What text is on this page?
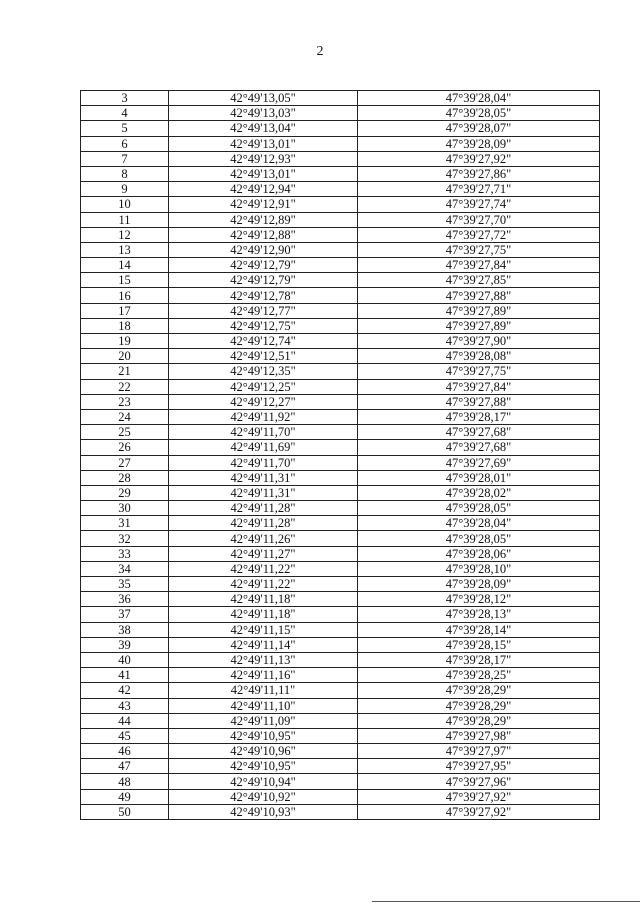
2
3	42°49'13,05"	47°39'28,04"
4	42°49'13,03"	47°39'28,05"
5	42°49'13,04"	47°39'28,07"
6	42°49'13,01"	47°39'28,09"
7	42°49'12,93"	47°39'27,92"
8	42°49'13,01"	47°39'27,86"
9	42°49'12,94"	47°39'27,71"
10	42°49'12,91"	47°39'27,74"
11	42°49'12,89"	47°39'27,70"
12	42°49'12,88"	47°39'27,72"
13	42°49'12,90"	47°39'27,75"
14	42°49'12,79"	47°39'27,84"
15	42°49'12,79"	47°39'27,85"
16	42°49'12,78"	47°39'27,88"
17	42°49'12,77"	47°39'27,89"
18	42°49'12,75"	47°39'27,89"
19	42°49'12,74"	47°39'27,90"
20	42°49'12,51"	47°39'28,08"
21	42°49'12,35"	47°39'27,75"
22	42°49'12,25"	47°39'27,84"
23	42°49'12,27"	47°39'27,88"
24	42°49'11,92"	47°39'28,17"
25	42°49'11,70"	47°39'27,68"
26	42°49'11,69"	47°39'27,68"
27	42°49'11,70"	47°39'27,69"
28	42°49'11,31"	47°39'28,01"
29	42°49'11,31"	47°39'28,02"
30	42°49'11,28"	47°39'28,05"
31	42°49'11,28"	47°39'28,04"
32	42°49'11,26"	47°39'28,05"
33	42°49'11,27"	47°39'28,06"
34	42°49'11,22"	47°39'28,10"
35	42°49'11,22"	47°39'28,09"
36	42°49'11,18"	47°39'28,12"
37	42°49'11,18"	47°39'28,13"
38	42°49'11,15"	47°39'28,14"
39	42°49'11,14"	47°39'28,15"
40	42°49'11,13"	47°39'28,17"
41	42°49'11,16"	47°39'28,25"
42	42°49'11,11"	47°39'28,29"
43	42°49'11,10"	47°39'28,29"
44	42°49'11,09"	47°39'28,29"
45	42°49'10,95"	47°39'27,98"
46	42°49'10,96"	47°39'27,97"
47	42°49'10,95"	47°39'27,95"
48	42°49'10,94"	47°39'27,96"
49	42°49'10,92"	47°39'27,92"
50	42°49'10,93"	47°39'27,92"
